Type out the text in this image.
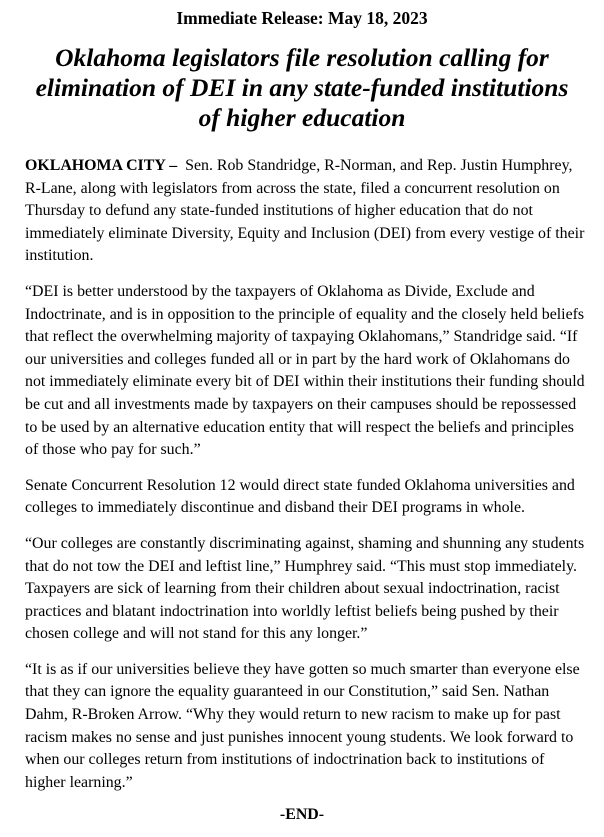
Immediate Release: May 18, 2023
Oklahoma legislators file resolution calling for elimination of DEI in any state-funded institutions of higher education

OKLAHOMA CITY – Sen. Rob Standridge, R-Norman, and Rep. Justin Humphrey, R-Lane, along with legislators from across the state, filed a concurrent resolution on Thursday to defund any state-funded institutions of higher education that do not immediately eliminate Diversity, Equity and Inclusion (DEI) from every vestige of their institution.

“DEI is better understood by the taxpayers of Oklahoma as Divide, Exclude and Indoctrinate, and is in opposition to the principle of equality and the closely held beliefs that reflect the overwhelming majority of taxpaying Oklahomans,” Standridge said. “If our universities and colleges funded all or in part by the hard work of Oklahomans do not immediately eliminate every bit of DEI within their institutions their funding should be cut and all investments made by taxpayers on their campuses should be repossessed to be used by an alternative education entity that will respect the beliefs and principles of those who pay for such.”

Senate Concurrent Resolution 12 would direct state funded Oklahoma universities and colleges to immediately discontinue and disband their DEI programs in whole.

“Our colleges are constantly discriminating against, shaming and shunning any students that do not tow the DEI and leftist line,” Humphrey said. “This must stop immediately. Taxpayers are sick of learning from their children about sexual indoctrination, racist practices and blatant indoctrination into worldly leftist beliefs being pushed by their chosen college and will not stand for this any longer.”

“It is as if our universities believe they have gotten so much smarter than everyone else that they can ignore the equality guaranteed in our Constitution,” said Sen. Nathan Dahm, R-Broken Arrow. “Why they would return to new racism to make up for past racism makes no sense and just punishes innocent young students. We look forward to when our colleges return from institutions of indoctrination back to institutions of higher learning.”

-END-
